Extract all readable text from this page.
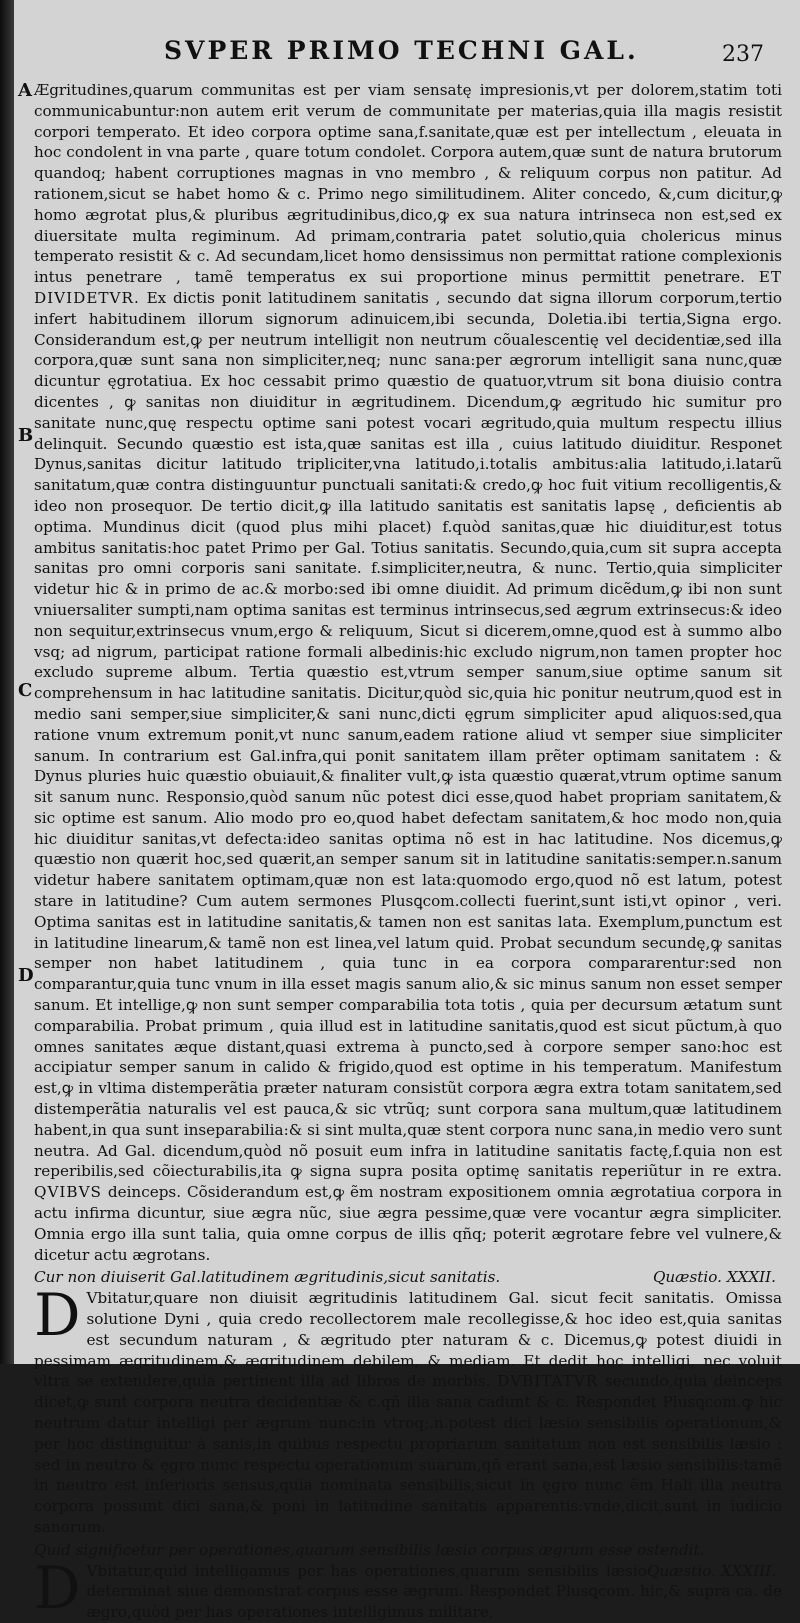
SVPER PRIMO TECHNI GAL.	237
A
B
C
D

Ægritudines,quarum communitas est per viam sensatę impresionis,vt per dolorem,statim toti communicabuntur:non autem erit verum de communitate per materias,quia illa magis resistit corpori temperato. Et ideo corpora optime sana,f.sanitate,quæ est per intellectum , eleuata in hoc condolent in vna parte , quare totum condolet. Corpora autem,quæ sunt de natura brutorum quandoq; habent corruptiones magnas in vno membro , & reliquum corpus non patitur. Ad rationem,sicut se habet homo & c. Primo nego similitudinem. Aliter concedo, &,cum dicitur,ꝙ homo ægrotat plus,& pluribus ægritudinibus,dico,ꝙ ex sua natura intrinseca non est,sed ex diuersitate multa regiminum. Ad primam,contraria patet solutio,quia cholericus minus temperato resistit & c. Ad secundam,licet homo densissimus non permittat ratione complexionis intus penetrare , tamẽ temperatus ex sui proportione minus permittit penetrare. ET DIVIDETVR. Ex dictis ponit latitudinem sanitatis , secundo dat signa illorum corporum,tertio infert habitudinem illorum signorum adinuicem,ibi secunda, Doletia.ibi tertia,Signa ergo. Considerandum est,ꝙ per neutrum intelligit non neutrum cõualescentię vel decidentiæ,sed illa corpora,quæ sunt sana non simpliciter,neq; nunc sana:per ægrorum intelligit sana nunc,quæ dicuntur ęgrotatiua. Ex hoc cessabit primo quæstio de quatuor,vtrum sit bona diuisio contra dicentes , ꝙ sanitas non diuiditur in ægritudinem. Dicendum,ꝙ ægritudo hic sumitur pro sanitate nunc,quę respectu optime sani potest vocari ægritudo,quia multum respectu illius delinquit. Secundo quæstio est ista,quæ sanitas est illa , cuius latitudo diuiditur. Responet Dynus,sanitas dicitur latitudo tripliciter,vna latitudo,i.totalis ambitus:alia latitudo,i.latarũ sanitatum,quæ contra distinguuntur punctuali sanitati:& credo,ꝙ hoc fuit vitium recolligentis,& ideo non prosequor. De tertio dicit,ꝙ illa latitudo sanitatis est sanitatis lapsę , deficientis ab optima. Mundinus dicit (quod plus mihi placet) f.quòd sanitas,quæ hic diuiditur,est totus ambitus sanitatis:hoc patet Primo per Gal. Totius sanitatis. Secundo,quia,cum sit supra accepta sanitas pro omni corporis sani sanitate. f.simpliciter,neutra, & nunc. Tertio,quia simpliciter videtur hic & in primo de ac.& morbo:sed ibi omne diuidit. Ad primum dicẽdum,ꝙ ibi non sunt vniuersaliter sumpti,nam optima sanitas est terminus intrinsecus,sed ægrum extrinsecus:& ideo non sequitur,extrinsecus vnum,ergo & reliquum, Sicut si dicerem,omne,quod est à summo albo vsq; ad nigrum, participat ratione formali albedinis:hic excludo nigrum,non tamen propter hoc excludo supreme album. Tertia quæstio est,vtrum semper sanum,siue optime sanum sit comprehensum in hac latitudine sanitatis. Dicitur,quòd sic,quia hic ponitur neutrum,quod est in medio sani semper,siue simpliciter,& sani nunc,dicti ęgrum simpliciter apud aliquos:sed,qua ratione vnum extremum ponit,vt nunc sanum,eadem ratione aliud vt semper siue simpliciter sanum. In contrarium est Gal.infra,qui ponit sanitatem illam prẽter optimam sanitatem : & Dynus pluries huic quæstio obuiauit,& finaliter vult,ꝙ ista quæstio quærat,vtrum optime sanum sit sanum nunc. Responsio,quòd sanum nũc potest dici esse,quod habet propriam sanitatem,& sic optime est sanum. Alio modo pro eo,quod habet defectam sanitatem,& hoc modo non,quia hic diuiditur sanitas,vt defecta:ideo sanitas optima nõ est in hac latitudine. Nos dicemus,ꝙ quæstio non quærit hoc,sed quærit,an semper sanum sit in latitudine sanitatis:semper.n.sanum videtur habere sanitatem optimam,quæ non est lata:quomodo ergo,quod nõ est latum, potest stare in latitudine? Cum autem sermones Plusꝗcom.collecti fuerint,sunt isti,vt opinor , veri. Optima sanitas est in latitudine sanitatis,& tamen non est sanitas lata. Exemplum,punctum est in latitudine linearum,& tamẽ non est linea,vel latum quid. Probat secundum secundę,ꝙ sanitas semper non habet latitudinem , quia tunc in ea corpora compararentur:sed non comparantur,quia tunc vnum in illa esset magis sanum alio,& sic minus sanum non esset semper sanum. Et intellige,ꝙ non sunt semper comparabilia tota totis , quia per decursum ætatum sunt comparabilia. Probat primum , quia illud est in latitudine sanitatis,quod est sicut pũctum,à quo omnes sanitates æque distant,quasi extrema à puncto,sed à corpore semper sano:hoc est accipiatur semper sanum in calido & frigido,quod est optime in his temperatum. Manifestum est,ꝙ in vltima distemperãtia præter naturam consistũt corpora ægra extra totam sanitatem,sed distemperãtia naturalis vel est pauca,& sic vtrũq; sunt corpora sana multum,quæ latitudinem habent,in qua sunt inseparabilia:& si sint multa,quæ stent corpora nunc sana,in medio vero sunt neutra. Ad Gal. dicendum,quòd nõ posuit eum infra in latitudine sanitatis factę,f.quia non est reperibilis,sed cõiecturabilis,ita ꝙ signa supra posita optimę sanitatis reperiũtur in re extra. QVIBVS deinceps. Cõsiderandum est,ꝙ ẽm nostram expositionem omnia ægrotatiua corpora in actu infirma dicuntur, siue ægra nũc, siue ægra pessime,quæ vere vocantur ægra simpliciter. Omnia ergo illa sunt talia, quia omne corpus de illis qñq; poterit ægrotare febre vel vulnere,& dicetur actu ægrotans.

Cur non diuiserit Gal.latitudinem ægritudinis,sicut sanitatis.	Quæstio. XXXII.

D Vbitatur,quare non diuisit ægritudinis latitudinem Gal. sicut fecit sanitatis. Omissa solutione Dyni , quia credo recollectorem male recollegisse,& hoc ideo est,quia sanitas est secundum naturam , & ægritudo pter naturam & c. Dicemus,ꝙ potest diuidi in pessimam ægritudinem,& ægritudinem debilem, & mediam. Et dedit hoc intelligi, nec voluit vltra se extendere,quia pertinent illa ad libros de morbis. DVBITATVR secundo,quia deinceps dicet,ꝙ sunt corpora neutra decidentiæ & c.qñ illa sana cadunt & c. Respondet Plusꝗcom.ꝙ hic neutrum datur intelligi per ægrum nunc:in vtroq;.n.potest dici læsio sensibilis operationum,& per hoc distinguitur à sanis,in quibus respectu propriarum sanitatum non est sensibilis læsio : sed in neutro & ęgro nunc respectu operationum suarum,qñ erant sana,est læsio sensibilis:tamẽ in neutro est inferioris sensus,quia nominata sensibilis,sicut in ęgro nunc ẽm Hali illa neutra corpora possunt dici sana,& poni in latitudine sanitatis apparentis:vnde,dicit,sunt in iudicio sanorum.

Quid significetur per operationes,quarum sensibilis læsio corpus ægrum esse ostendit.
Quæstio. XXXIII.

D Vbitatur,quid intelligamus per has operationes,quarum sensibilis læsio determinat siue demonstrat corpus esse ægrum. Respondet Plusꝗcom. hic,& supra ca. de ægro,quòd per has operationes intelligimus militare,
